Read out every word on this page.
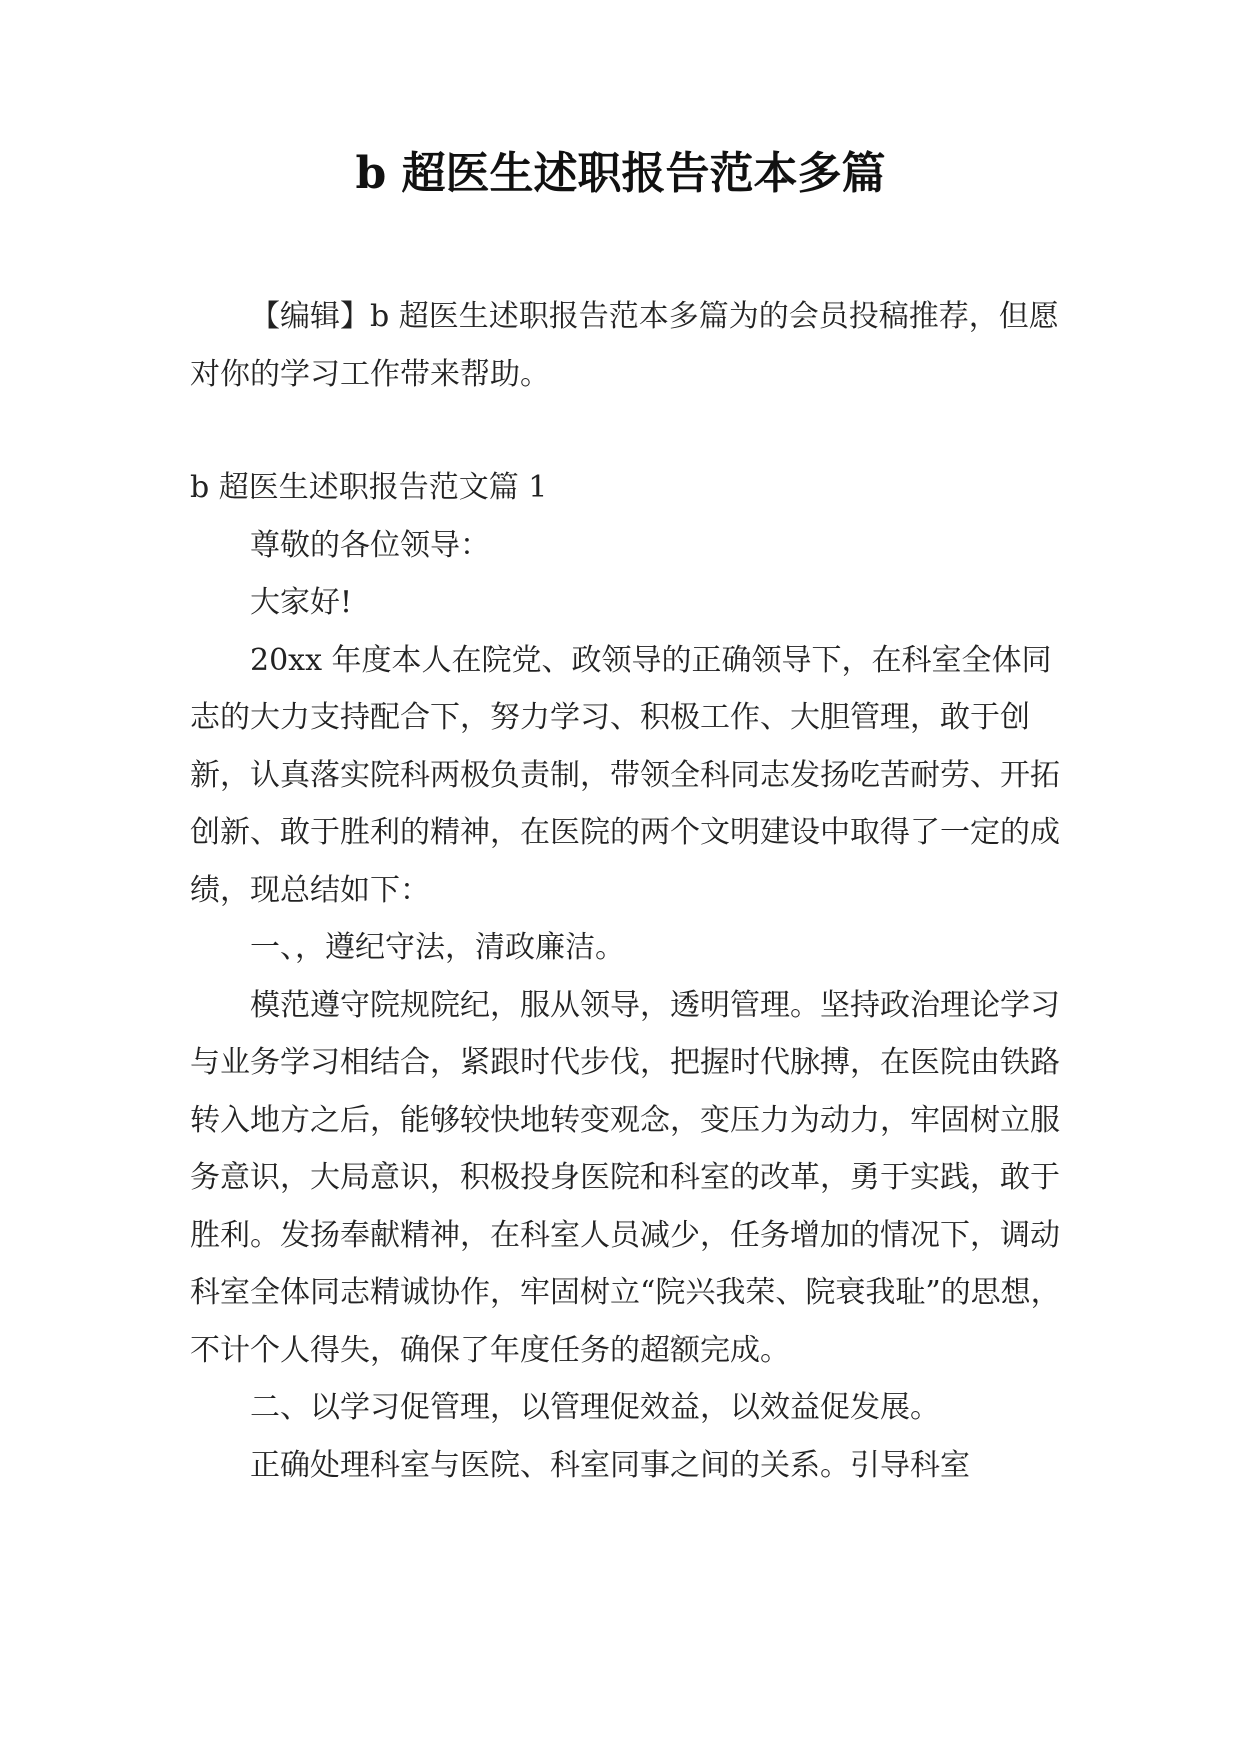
b 超医生述职报告范本多篇

【编辑】b 超医生述职报告范本多篇为的会员投稿推荐，但愿对你的学习工作带来帮助。

b 超医生述职报告范文篇 1

尊敬的各位领导：

大家好!

20xx 年度本人在院党、政领导的正确领导下，在科室全体同志的大力支持配合下，努力学习、积极工作、大胆管理，敢于创新，认真落实院科两极负责制，带领全科同志发扬吃苦耐劳、开拓创新、敢于胜利的精神，在医院的两个文明建设中取得了一定的成绩，现总结如下：

一、，遵纪守法，清政廉洁。

模范遵守院规院纪，服从领导，透明管理。坚持政治理论学习与业务学习相结合，紧跟时代步伐，把握时代脉搏，在医院由铁路转入地方之后，能够较快地转变观念，变压力为动力，牢固树立服务意识，大局意识，积极投身医院和科室的改革，勇于实践，敢于胜利。发扬奉献精神，在科室人员减少，任务增加的情况下，调动科室全体同志精诚协作，牢固树立“院兴我荣、院衰我耻”的思想，不计个人得失，确保了年度任务的超额完成。

二、以学习促管理，以管理促效益，以效益促发展。

正确处理科室与医院、科室同事之间的关系。引导科室
